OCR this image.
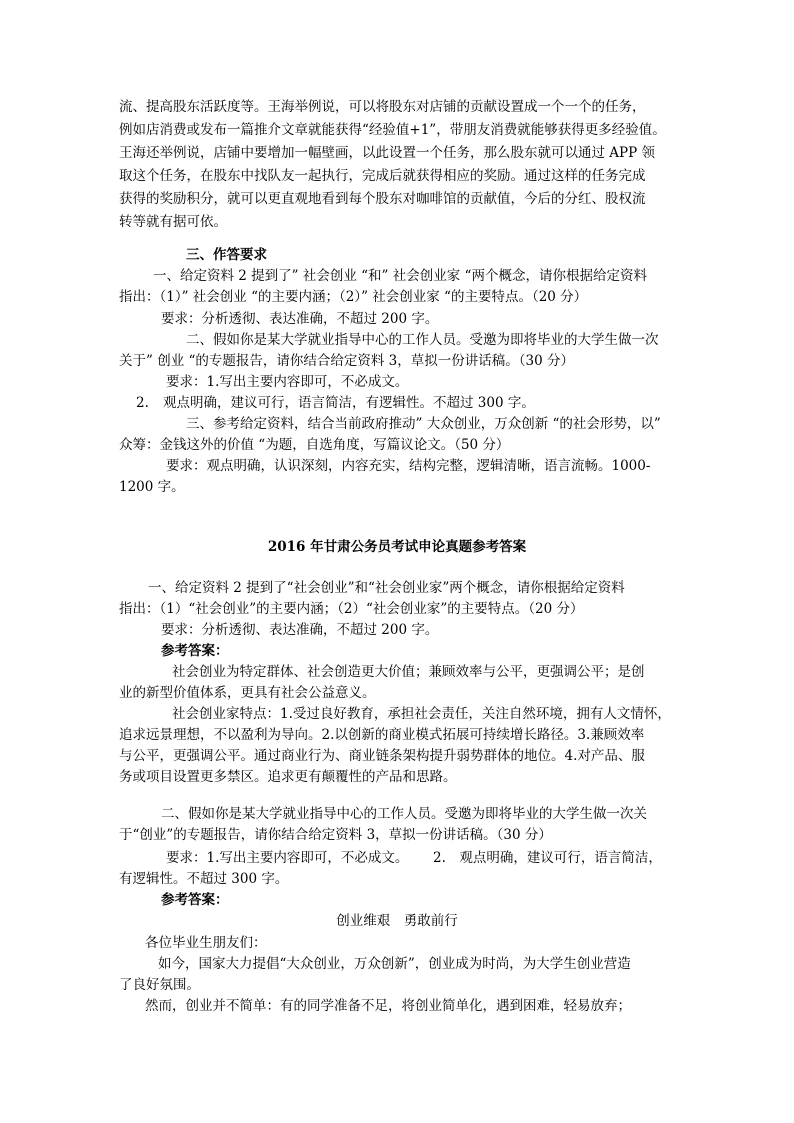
流、提高股东活跃度等。王海举例说，可以将股东对店铺的贡献设置成一个一个的任务，
例如店消费或发布一篇推介文章就能获得“经验值+1”，带朋友消费就能够获得更多经验值。
王海还举例说，店铺中要增加一幅壁画，以此设置一个任务，那么股东就可以通过 APP 领
取这个任务，在股东中找队友一起执行，完成后就获得相应的奖励。通过这样的任务完成
获得的奖励积分，就可以更直观地看到每个股东对咖啡馆的贡献值，今后的分红、股权流
转等就有据可依。
三、作答要求
一、给定资料 2 提到了” 社会创业 “和” 社会创业家 “两个概念，请你根据给定资料
指出：（1）” 社会创业 “的主要内涵；（2）” 社会创业家 “的主要特点。（20 分）
要求：分析透彻、表达准确，不超过 200 字。
二、假如你是某大学就业指导中心的工作人员。受邀为即将毕业的大学生做一次
关于” 创业 “的专题报告，请你结合给定资料 3，草拟一份讲话稿。（30 分）
要求：1.写出主要内容即可，不必成文。
2. 观点明确，建议可行，语言简洁，有逻辑性。不超过 300 字。
三、参考给定资料，结合当前政府推动” 大众创业，万众创新 “的社会形势，以”
众筹：金钱这外的价值 “为题，自选角度，写篇议论文。（50 分）
要求：观点明确，认识深刻，内容充实，结构完整，逻辑清晰，语言流畅。1000-
1200 字。
2016 年甘肃公务员考试申论真题参考答案
一、给定资料 2 提到了“社会创业”和“社会创业家”两个概念，请你根据给定资料
指出：（1）“社会创业”的主要内涵；（2）“社会创业家”的主要特点。（20 分）
要求：分析透彻、表达准确，不超过 200 字。
参考答案：
社会创业为特定群体、社会创造更大价值；兼顾效率与公平，更强调公平；是创
业的新型价值体系，更具有社会公益意义。
社会创业家特点：1.受过良好教育，承担社会责任，关注自然环境，拥有人文情怀，
追求远景理想，不以盈利为导向。2.以创新的商业模式拓展可持续增长路径。3.兼顾效率
与公平，更强调公平。通过商业行为、商业链条架构提升弱势群体的地位。4.对产品、服
务或项目设置更多禁区。追求更有颠覆性的产品和思路。
二、假如你是某大学就业指导中心的工作人员。受邀为即将毕业的大学生做一次关
于“创业”的专题报告，请你结合给定资料 3，草拟一份讲话稿。（30 分）
要求：1.写出主要内容即可，不必成文。 2.　观点明确，建议可行，语言简洁，
有逻辑性。不超过 300 字。
参考答案：
创业维艰　勇敢前行
各位毕业生朋友们：
如今，国家大力提倡“大众创业，万众创新”，创业成为时尚，为大学生创业营造
了良好氛围。
然而，创业并不简单：有的同学准备不足，将创业简单化，遇到困难，轻易放弃；
